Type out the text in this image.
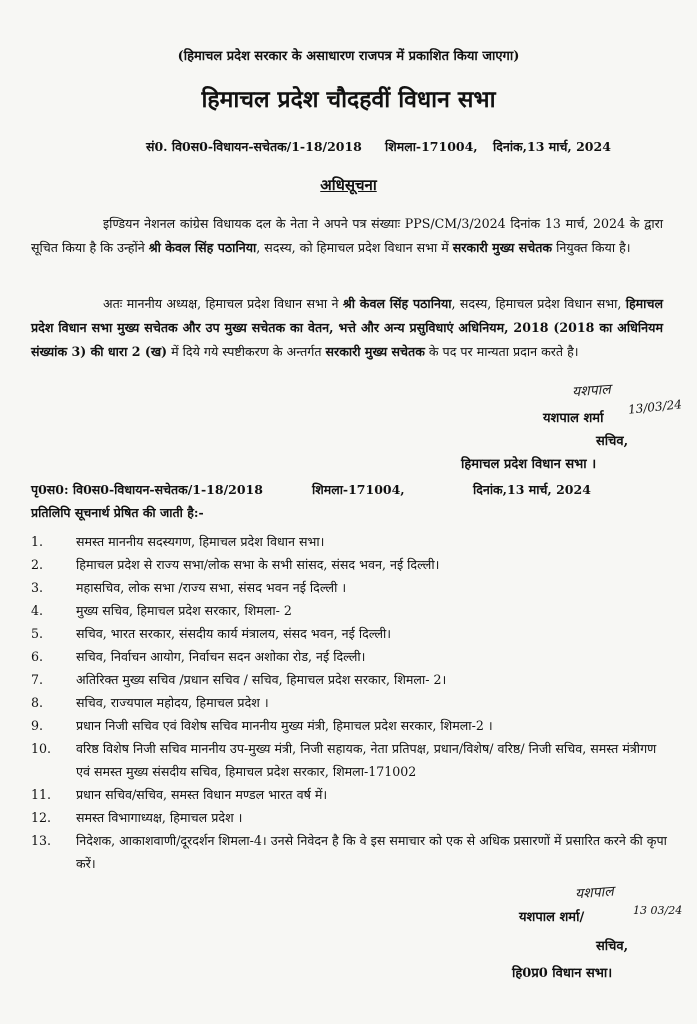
(हिमाचल प्रदेश सरकार के असाधारण राजपत्र में प्रकाशित किया जाएगा)
हिमाचल प्रदेश चौदहवीं विधान सभा
सं0. वि0स0-विधायन-सचेतक/1-18/2018 शिमला-171004, दिनांक,13 मार्च, 2024
अधिसूचना

इण्डियन नेशनल कांग्रेस विधायक दल के नेता ने अपने पत्र संख्याः PPS/CM/3/2024 दिनांक 13 मार्च, 2024 के द्वारा सूचित किया है कि उन्होंने श्री केवल सिंह पठानिया, सदस्य, को हिमाचल प्रदेश विधान सभा में सरकारी मुख्य सचेतक नियुक्त किया है।

अतः माननीय अध्यक्ष, हिमाचल प्रदेश विधान सभा ने श्री केवल सिंह पठानिया, सदस्य, हिमाचल प्रदेश विधान सभा, हिमाचल प्रदेश विधान सभा मुख्य सचेतक और उप मुख्य सचेतक का वेतन, भत्ते और अन्य प्रसुविधाएं अधिनियम, 2018 (2018 का अधिनियम संख्यांक 3) की धारा 2 (ख) में दिये गये स्पष्टीकरण के अन्तर्गत सरकारी मुख्य सचेतक के पद पर मान्यता प्रदान करते है।

यशपाल
13/03/24
यशपाल शर्मा
सचिव,
हिमाचल प्रदेश विधान सभा ।
पृ0स0: वि0स0-विधायन-सचेतक/1-18/2018	शिमला-171004,	दिनांक,13 मार्च, 2024
प्रतिलिपि सूचनार्थ प्रेषित की जाती है:-
1.	समस्त माननीय सदस्यगण, हिमाचल प्रदेश विधान सभा।
2.	हिमाचल प्रदेश से राज्य सभा/लोक सभा के सभी सांसद, संसद भवन, नई दिल्ली।
3.	महासचिव, लोक सभा /राज्य सभा, संसद भवन नई दिल्ली ।
4.	मुख्य सचिव, हिमाचल प्रदेश सरकार, शिमला- 2
5.	सचिव, भारत सरकार, संसदीय कार्य मंत्रालय, संसद भवन, नई दिल्ली।
6.	सचिव, निर्वाचन आयोग, निर्वाचन सदन अशोका रोड, नई दिल्ली।
7.	अतिरिक्त मुख्य सचिव /प्रधान सचिव / सचिव, हिमाचल प्रदेश सरकार, शिमला- 2।
8.	सचिव, राज्यपाल महोदय, हिमाचल प्रदेश ।
9.	प्रधान निजी सचिव एवं विशेष सचिव माननीय मुख्य मंत्री, हिमाचल प्रदेश सरकार, शिमला-2 ।
10.	वरिष्ठ विशेष निजी सचिव माननीय उप-मुख्य मंत्री, निजी सहायक, नेता प्रतिपक्ष, प्रधान/विशेष/ वरिष्ठ/ निजी सचिव, समस्त मंत्रीगण एवं समस्त मुख्य संसदीय सचिव, हिमाचल प्रदेश सरकार, शिमला-171002
11.	प्रधान सचिव/सचिव, समस्त विधान मण्डल भारत वर्ष में।
12.	समस्त विभागाध्यक्ष, हिमाचल प्रदेश ।
13.	निदेशक, आकाशवाणी/दूरदर्शन शिमला-4। उनसे निवेदन है कि वे इस समाचार को एक से अधिक प्रसारणों में प्रसारित करने की कृपा करें।
यशपाल
13 03/24
यशपाल शर्मा/
सचिव,
हि0प्र0 विधान सभा।
